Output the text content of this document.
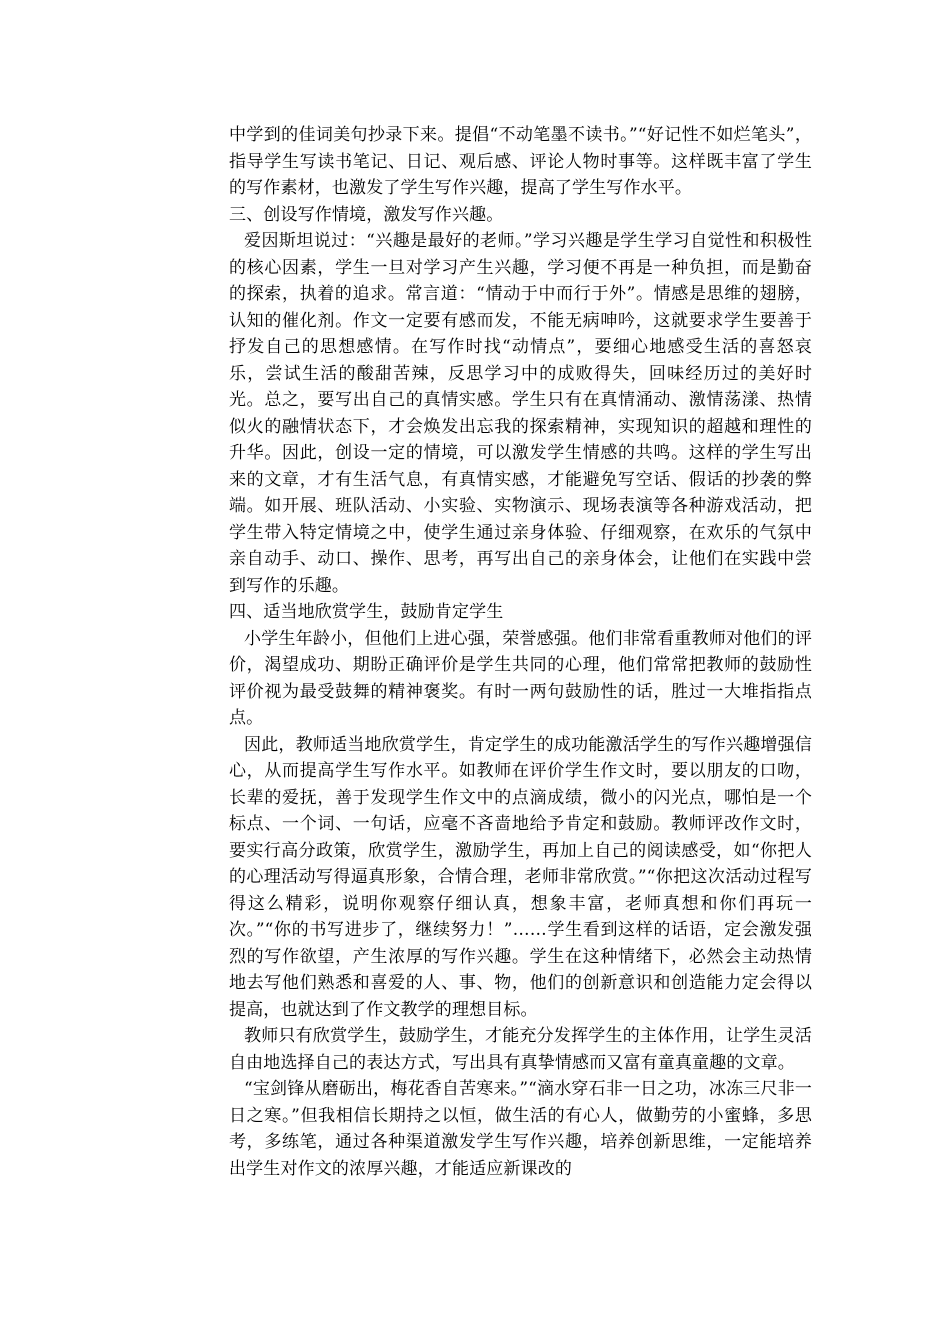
中学到的佳词美句抄录下来。提倡“不动笔墨不读书。”“好记性不如烂笔头”，指导学生写读书笔记、日记、观后感、评论人物时事等。这样既丰富了学生的写作素材，也激发了学生写作兴趣，提高了学生写作水平。

三、创设写作情境，激发写作兴趣。

爱因斯坦说过：“兴趣是最好的老师。”学习兴趣是学生学习自觉性和积极性的核心因素，学生一旦对学习产生兴趣，学习便不再是一种负担，而是勤奋的探索，执着的追求。常言道：“情动于中而行于外”。情感是思维的翅膀，认知的催化剂。作文一定要有感而发，不能无病呻吟，这就要求学生要善于抒发自己的思想感情。在写作时找“动情点”，要细心地感受生活的喜怒哀乐，尝试生活的酸甜苦辣，反思学习中的成败得失，回味经历过的美好时光。总之，要写出自己的真情实感。学生只有在真情涌动、激情荡漾、热情似火的融情状态下，才会焕发出忘我的探索精神，实现知识的超越和理性的升华。因此，创设一定的情境，可以激发学生情感的共鸣。这样的学生写出来的文章，才有生活气息，有真情实感，才能避免写空话、假话的抄袭的弊端。如开展、班队活动、小实验、实物演示、现场表演等各种游戏活动，把学生带入特定情境之中，使学生通过亲身体验、仔细观察，在欢乐的气氛中亲自动手、动口、操作、思考，再写出自己的亲身体会，让他们在实践中尝到写作的乐趣。

四、适当地欣赏学生，鼓励肯定学生

小学生年龄小，但他们上进心强，荣誉感强。他们非常看重教师对他们的评价，渴望成功、期盼正确评价是学生共同的心理，他们常常把教师的鼓励性评价视为最受鼓舞的精神褒奖。有时一两句鼓励性的话，胜过一大堆指指点点。

因此，教师适当地欣赏学生，肯定学生的成功能激活学生的写作兴趣增强信心，从而提高学生写作水平。如教师在评价学生作文时，要以朋友的口吻，长辈的爱抚，善于发现学生作文中的点滴成绩，微小的闪光点，哪怕是一个标点、一个词、一句话，应毫不吝啬地给予肯定和鼓励。教师评改作文时，要实行高分政策，欣赏学生，激励学生，再加上自己的阅读感受，如“你把人的心理活动写得逼真形象，合情合理，老师非常欣赏。”“你把这次活动过程写得这么精彩，说明你观察仔细认真，想象丰富，老师真想和你们再玩一次。”“你的书写进步了，继续努力！”……学生看到这样的话语，定会激发强烈的写作欲望，产生浓厚的写作兴趣。学生在这种情绪下，必然会主动热情地去写他们熟悉和喜爱的人、事、物，他们的创新意识和创造能力定会得以提高，也就达到了作文教学的理想目标。

教师只有欣赏学生，鼓励学生，才能充分发挥学生的主体作用，让学生灵活自由地选择自己的表达方式，写出具有真挚情感而又富有童真童趣的文章。

“宝剑锋从磨砺出，梅花香自苦寒来。”“滴水穿石非一日之功，冰冻三尺非一日之寒。”但我相信长期持之以恒，做生活的有心人，做勤劳的小蜜蜂，多思考，多练笔，通过各种渠道激发学生写作兴趣，培养创新思维，一定能培养出学生对作文的浓厚兴趣，才能适应新课改的
